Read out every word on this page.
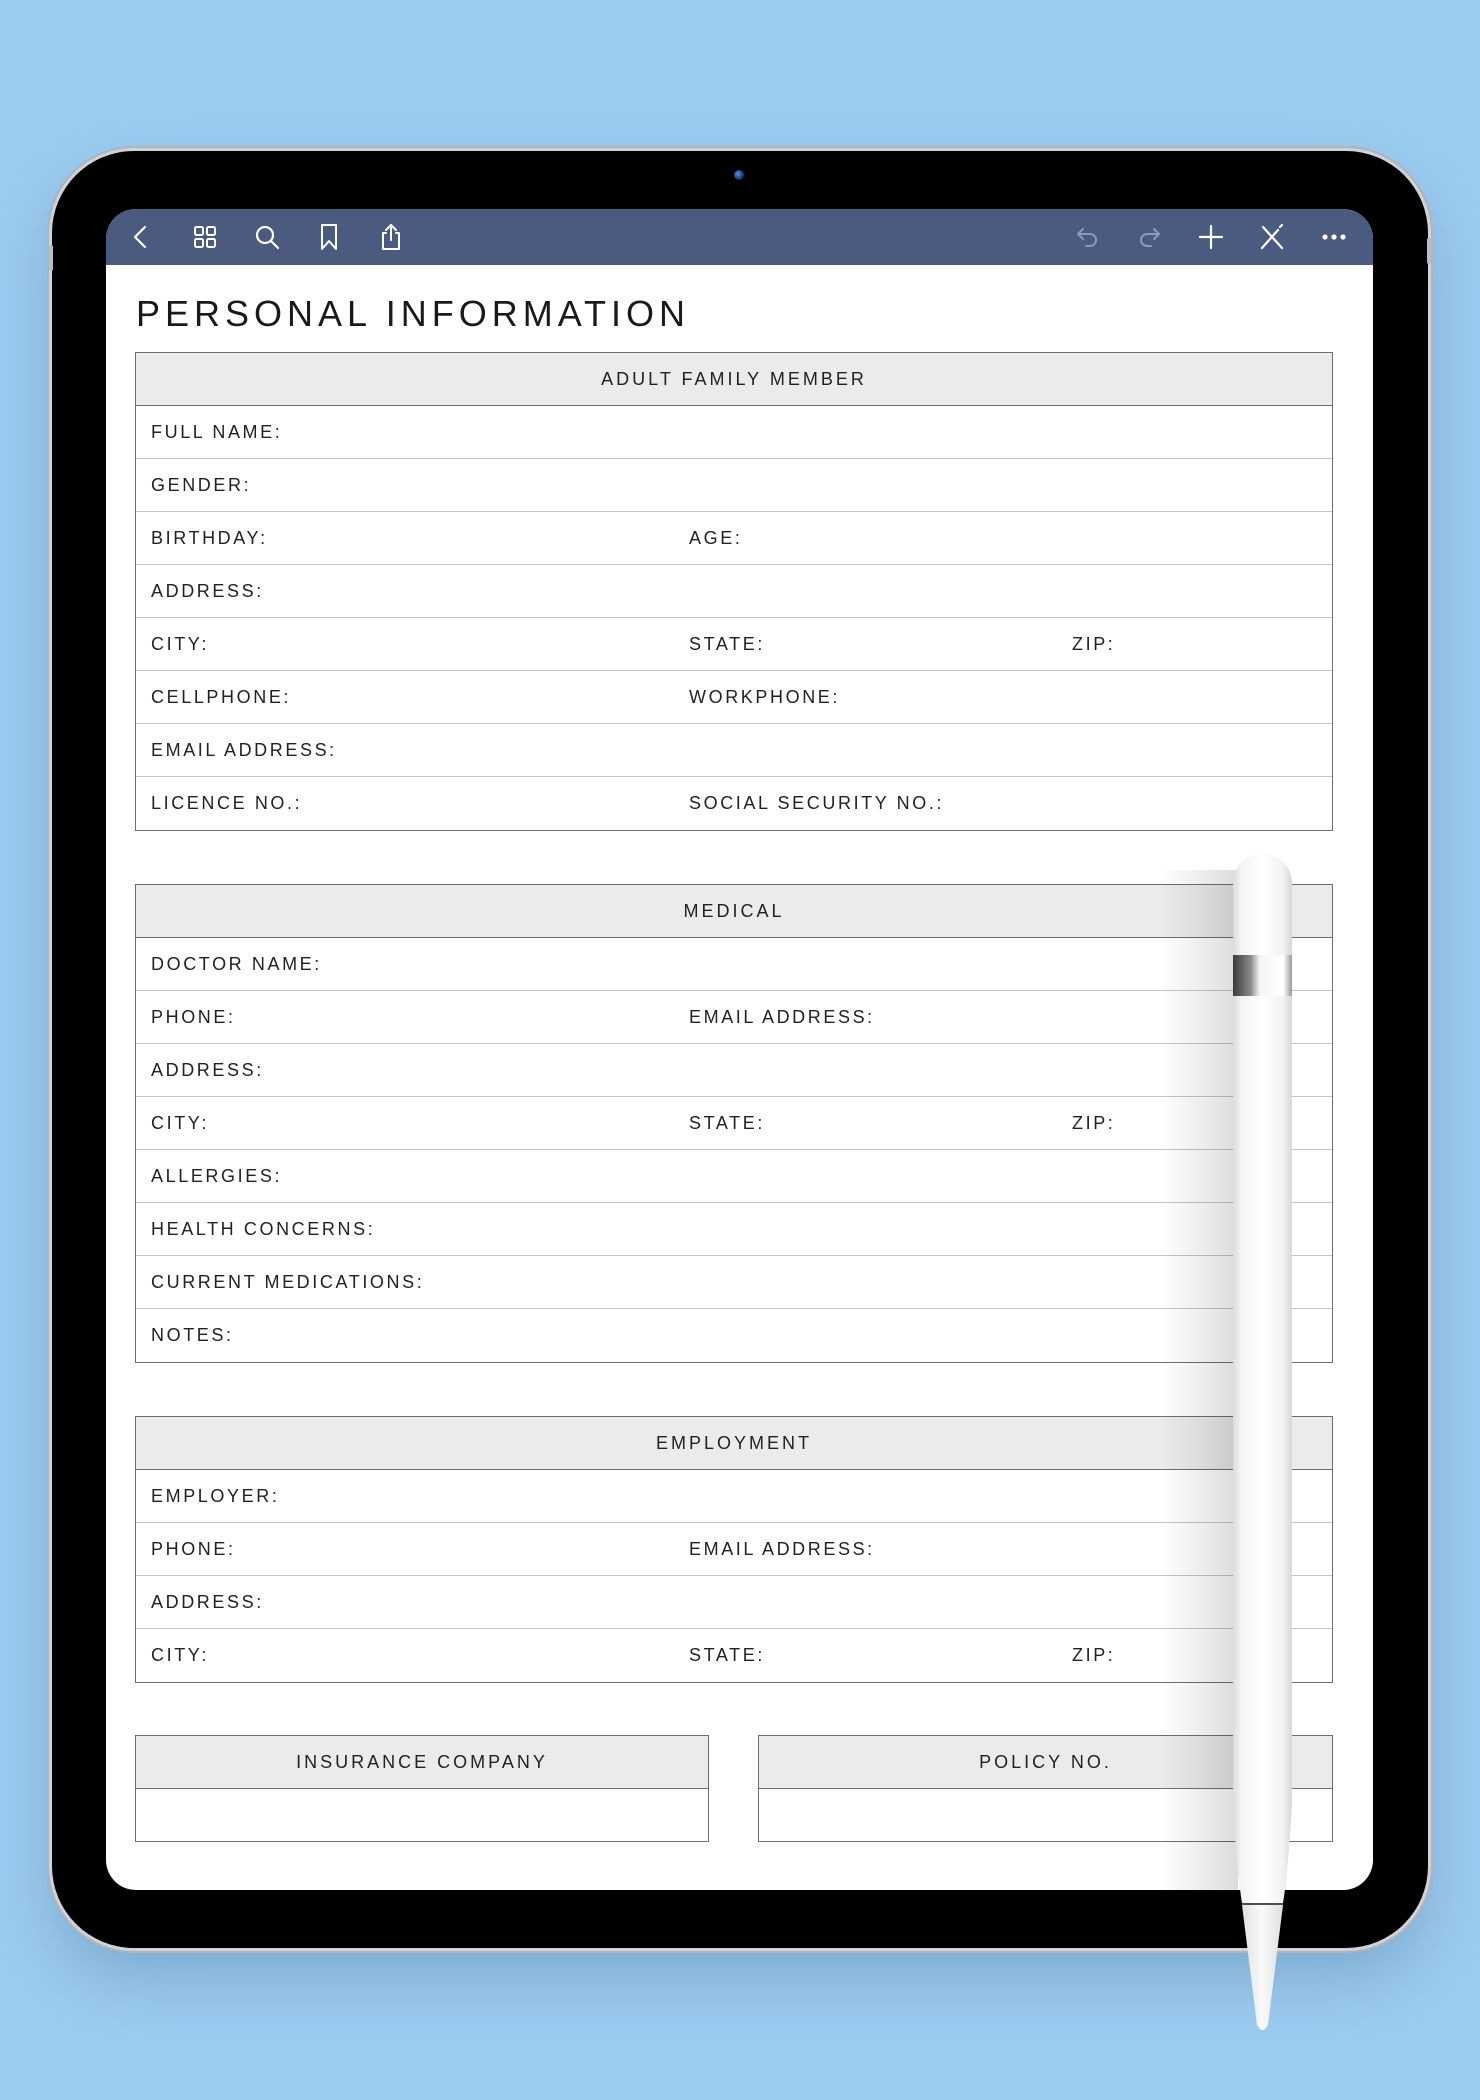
PERSONAL INFORMATION
ADULT FAMILY MEMBER
FULL NAME:
GENDER:
BIRTHDAY:	AGE:
ADDRESS:
CITY:	STATE:	ZIP:
CELLPHONE:	WORKPHONE:
EMAIL ADDRESS:
LICENCE NO.:	SOCIAL SECURITY NO.:
MEDICAL
DOCTOR NAME:
PHONE:	EMAIL ADDRESS:
ADDRESS:
CITY:	STATE:	ZIP:
ALLERGIES:
HEALTH CONCERNS:
CURRENT MEDICATIONS:
NOTES:
EMPLOYMENT
EMPLOYER:
PHONE:	EMAIL ADDRESS:
ADDRESS:
CITY:	STATE:	ZIP:
INSURANCE COMPANY	POLICY NO.
